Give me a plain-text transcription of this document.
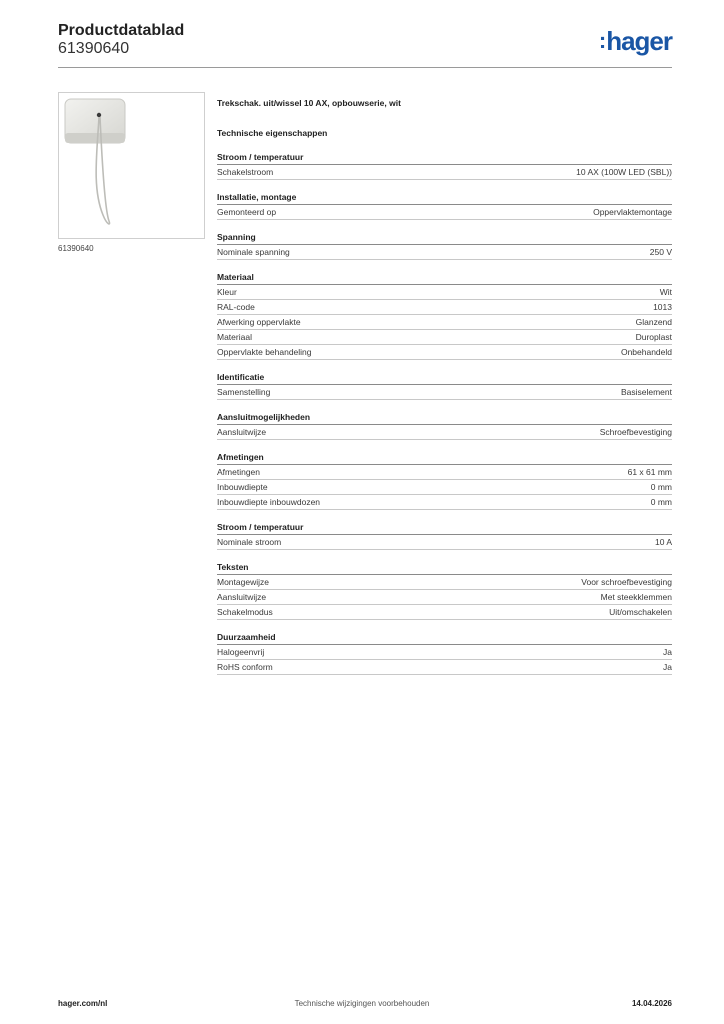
Productdatablad
61390640	:hager
61390640
Trekschak. uit/wissel 10 AX, opbouwserie, wit
Technische eigenschappen
Stroom / temperatuur
Schakelstroom	10 AX (100W LED (SBL))
Installatie, montage
Gemonteerd op	Oppervlaktemontage
Spanning
Nominale spanning	250 V
Materiaal
Kleur	Wit
RAL-code	1013
Afwerking oppervlakte	Glanzend
Materiaal	Duroplast
Oppervlakte behandeling	Onbehandeld
Identificatie
Samenstelling	Basiselement
Aansluitmogelijkheden
Aansluitwijze	Schroefbevestiging
Afmetingen
Afmetingen	61 x 61 mm
Inbouwdiepte	0 mm
Inbouwdiepte inbouwdozen	0 mm
Stroom / temperatuur
Nominale stroom	10 A
Teksten
Montagewijze	Voor schroefbevestiging
Aansluitwijze	Met steekklemmen
Schakelmodus	Uit/omschakelen
Duurzaamheid
Halogeenvrij	Ja
RoHS conform	Ja
hager.com/nl	Technische wijzigingen voorbehouden	14.04.2026
